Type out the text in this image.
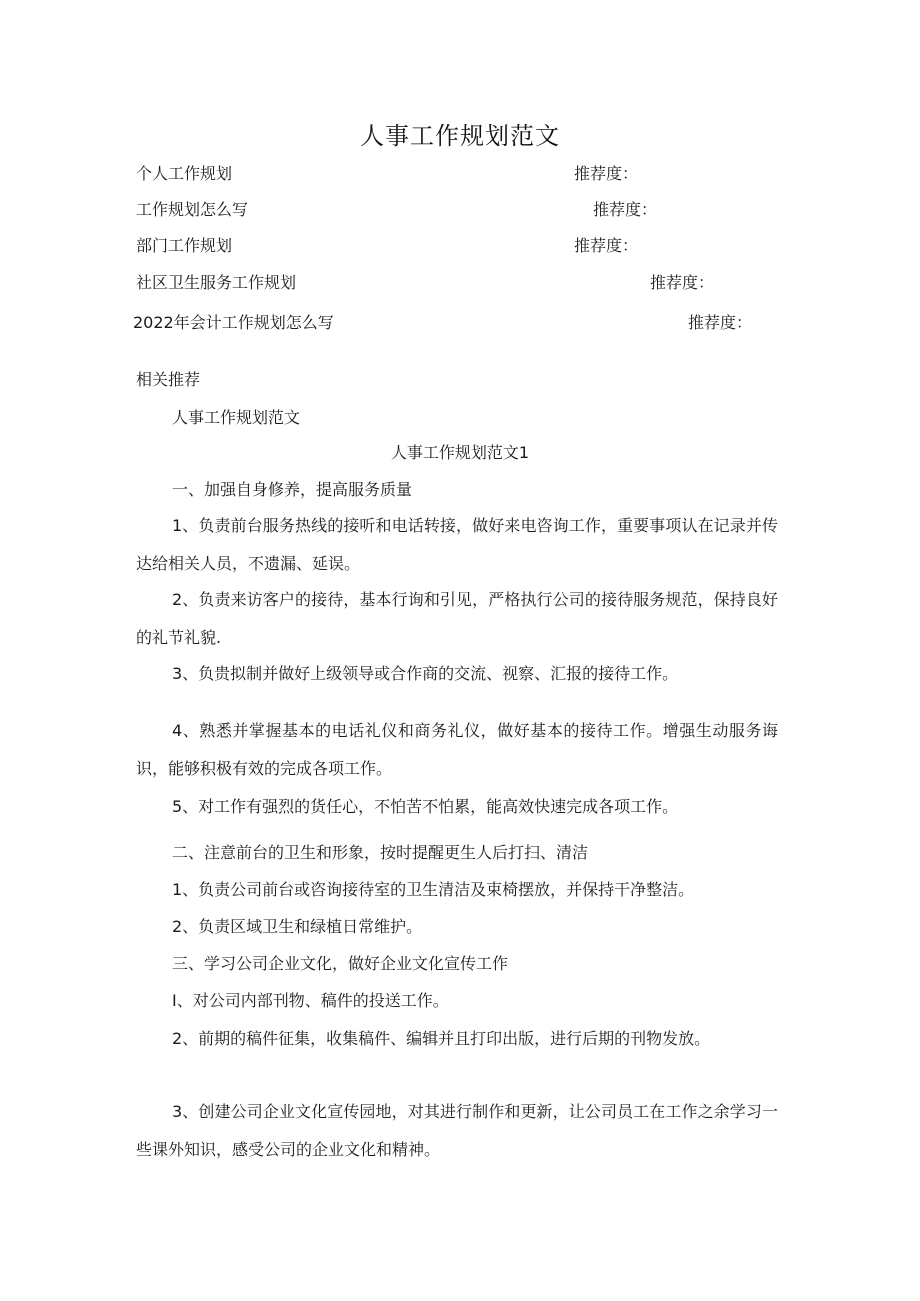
人事工作规划范文
个人工作规划	推荐度：
工作规划怎么写	推荐度：
部门工作规划	推荐度：
社区卫生服务工作规划	推荐度：
2022年会计工作规划怎么写	推荐度：
相关推荐
人事工作规划范文
人事工作规划范文1
一、加强自身修养，提高服务质量
1、负责前台服务热线的接听和电话转接，做好来电咨询工作，重要事项认在记录并传达给相关人员，不遗漏、延误。
2、负责来访客户的接待，基本行询和引见，严格执行公司的接待服务规范，保持良好的礼节礼貌.
3、负贵拟制并做好上级领导或合作商的交流、视察、汇报的接待工作。
4、熟悉并掌握基本的电话礼仪和商务礼仪，做好基本的接待工作。增强生动服务诲识，能够积极有效的完成各项工作。
5、对工作有强烈的货任心，不怕苦不怕累，能高效快速完成各项工作。
二、注意前台的卫生和形象，按时提醒更生人后打扫、清洁
1、负责公司前台或咨询接待室的卫生清洁及束椅摆放，并保持干净整洁。
2、负责区域卫生和绿植日常维护。
三、学习公司企业文化，做好企业文化宣传工作
I、对公司内部刊物、稿件的投送工作。
2、前期的稿件征集，收集稿件、编辑并且打印出版，进行后期的刊物发放。
3、创建公司企业文化宣传园地，对其进行制作和更新，让公司员工在工作之余学习一些课外知识，感受公司的企业文化和精神。
